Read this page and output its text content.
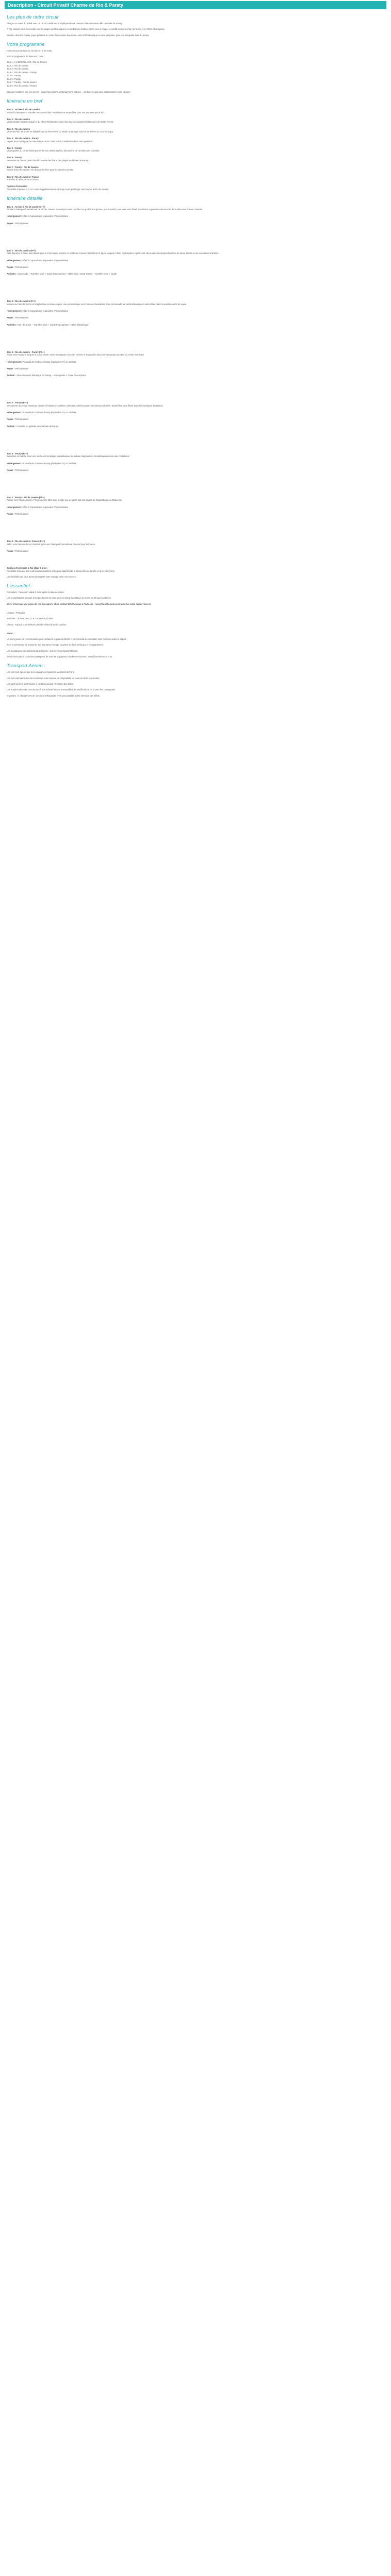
Description - Circuit Privatif Charme de Rio & Paraty
Les plus de notre circuit

Plongez au cœur du Brésil avec ce circuit combinant la mythique Rio de Janeiro et la charmante ville coloniale de Paraty.

À Rio, laissez-vous émerveiller par les plages emblématiques, les ambiances festives et les vues à couper le souffle depuis le Pain de Sucre et le Christ Rédempteur.

Ensuite, direction Paraty, joyau préservé au cœur d'une nature luxuriante, entre forêt atlantique et eaux turquoise, pour une escapade hors du temps.

Votre programme

Nous vous proposons ce circuit en 7 à 10 nuits.

Voici le programme de base en 7 nuits :

Jour 1 : AU DÉCOLLAGE / Rio de Janeiro
Jour 2 : Rio de Janeiro
Jour 3 : Rio de Janeiro
Jour 4 : Rio de Janeiro - Paraty
Jour 5 : Paraty
Jour 6 : Paraty
Jour 7 : Paraty - Rio de Janeiro
Jour 8 : Rio de Janeiro / France

Et nous n'oublions pas vos envies : ajout d'excursions, prolongement, options… contactez-nous pour personnaliser votre voyage !

Itinéraire en bref
Jour 1 : Arrivée à Rio de Janeiro

Accueil à l'aéroport et transfert vers votre hôtel. Installation et temps libre pour vos premiers pas à Rio.

Jour 2 : Rio de Janeiro

Visite privative du Corcovado et du Christ Rédempteur suivi d'un tour des quartiers historiques de Santa Teresa.

Jour 3 : Rio de Janeiro

Visite du Pain de Sucre en téléphérique et découverte du Jardin Botanique, suivi d'une soirée au cœur de Lapa.

Jour 4 : Rio de Janeiro - Paraty

Départ pour Paraty par la route côtière de la Costa Verde. Installation dans votre pousada.

Jour 5 : Paraty

Visite guidée du centre historique et de ses ruelles pavées, découverte de l'architecture coloniale.

Jour 6 : Paraty

Excursion en bateau privé à la découverte des îles et des plages de la baie de Paraty.

Jour 7 : Paraty - Rio de Janeiro

Retour à Rio de Janeiro. Fin de journée libre pour les derniers achats.

Jour 8 : Rio de Janeiro / France

Transfert à l'aéroport et vol retour.

Options d'extension

Possibilité d'ajouter 1, 2 ou 3 nuits supplémentaires à Paraty ou de prolonger votre séjour à Rio de Janeiro.

Itinéraire détaillé
Jour 1 : Arrivée à Rio de Janeiro (-/-/-)

Arrivée à l'aéroport international de Rio de Janeiro. Accueil par votre chauffeur et guide francophone, puis transfert privé vers votre hôtel. Installation et première découverte de la ville selon l'heure d'arrivée.

Hébergement : Hôtel à Copacabana (équivalent 4*) ou similaire
Repas : Petit-déjeuner
Jour 2 : Rio de Janeiro (P/-/-)

Petit-déjeuner à l'hôtel puis départ pour le Corcovado. Montée en petit train à travers la forêt de la Tijuca jusqu'au Christ Rédempteur. Après-midi, découverte du quartier bohème de Santa Teresa et de ses ateliers d'artistes.

Hébergement : Hôtel à Copacabana (équivalent 4*) ou similaire
Repas : Petit-déjeuner
Activités : Corcovado – Transfert privé + Guide Francophone + Billet train ; Santa Teresa – Transfert privé + Guide
Jour 3 : Rio de Janeiro (P/-/-)

Montée au Pain de Sucre en téléphérique en deux étapes. Vue panoramique sur la baie de Guanabara. Puis promenade au Jardin Botanique et soirée libre dans le quartier animé de Lapa.

Hébergement : Hôtel à Copacabana (équivalent 4*) ou similaire
Repas : Petit-déjeuner
Activités : Pain de Sucre – Transfert privé + Guide Francophone + Billet téléphérique
Jour 4 : Rio de Janeiro - Paraty (P/-/-)

Route vers Paraty le long de la Costa Verde, entre montagnes et océan. Arrivée et installation dans votre pousada au cœur du centre historique.

Hébergement : Pousada de charme à Paraty (équivalent 4*) ou similaire
Repas : Petit-déjeuner
Activité : Visite du centre historique de Paraty – Visite privée + Guide francophone
Jour 5 : Paraty (P/-/-)

Découverte du centre historique classé à l'UNESCO : églises coloniales, ruelles pavées et maisons colorées. Temps libre pour flâner dans les boutiques d'artisanat.

Hébergement : Pousada de charme à Paraty (équivalent 4*) ou similaire
Repas : Petit-déjeuner
Activité : Croisière en goélette dans la baie de Paraty
Jour 6 : Paraty (P/-/-)

Excursion en bateau privé vers les îles et les plages paradisiaques de la baie. Baignade et snorkeling dans des eaux cristallines.

Hébergement : Pousada de charme à Paraty (équivalent 4*) ou similaire
Repas : Petit-déjeuner
Jour 7 : Paraty - Rio de Janeiro (P/-/-)

Retour vers Rio de Janeiro. Fin de journée libre pour profiter une dernière fois des plages de Copacabana ou d'Ipanema.

Hébergement : Hôtel à Copacabana (équivalent 4*) ou similaire
Repas : Petit-déjeuner
Jour 8 : Rio de Janeiro / France (P/-/-)

Selon votre horaire de vol, transfert privé vers l'aéroport international et envol pour la France.

Repas : Petit-déjeuner
Options d'extension à Rio (Jour 9 à 11) :

Possibilité d'ajouter des nuits supplémentaires à Rio pour approfondir la découverte de la ville et de ses environs.

Une flexibilité qui vous permet d'adapter votre voyage selon vos envies !

L'essentiel :

Formalités : Passeport valide 6 mois après la date de retour.

Les ressortissants français n'ont pas besoin de visa pour un séjour touristique de moins de 90 jours au Brésil.

Merci d'envoyer une copie de vos passeports et un contact téléphonique à l'adresse : resa@fromthemoon.com une fois votre séjour réservé.

Langue : Portugais

Monnaie : Le Real (BRL) 1 € = environ 5,40 BRL

Climat : Tropical. La meilleure période s'étend d'avril à octobre.

Santé :

La fièvre jaune est recommandée pour certaines régions du Brésil. Il est conseillé de consulter votre médecin avant le départ.

Il est recommandé de souscrire une assurance voyage couvrant les frais médicaux et le rapatriement.

Les moustiques sont présents toute l'année : prévoyez un répulsif efficace.

Merci d'envoyer la copie des passeports de tous les voyageurs à l'adresse suivante : resa@fromthemoon.com

Transport Aérien :

Les vols sont opérés par les compagnies régulières au départ de Paris.

Les vols internationaux sont confirmés sous réserve de disponibilité au moment de la réservation.

Les tarifs aériens sont soumis à variation jusqu'à l'émission des billets.

Les horaires des vols sont donnés à titre indicatif et sont susceptibles de modifications de la part des compagnies.

Important : le changement de nom ou d'orthographe n'est pas possible après émission des billets.
